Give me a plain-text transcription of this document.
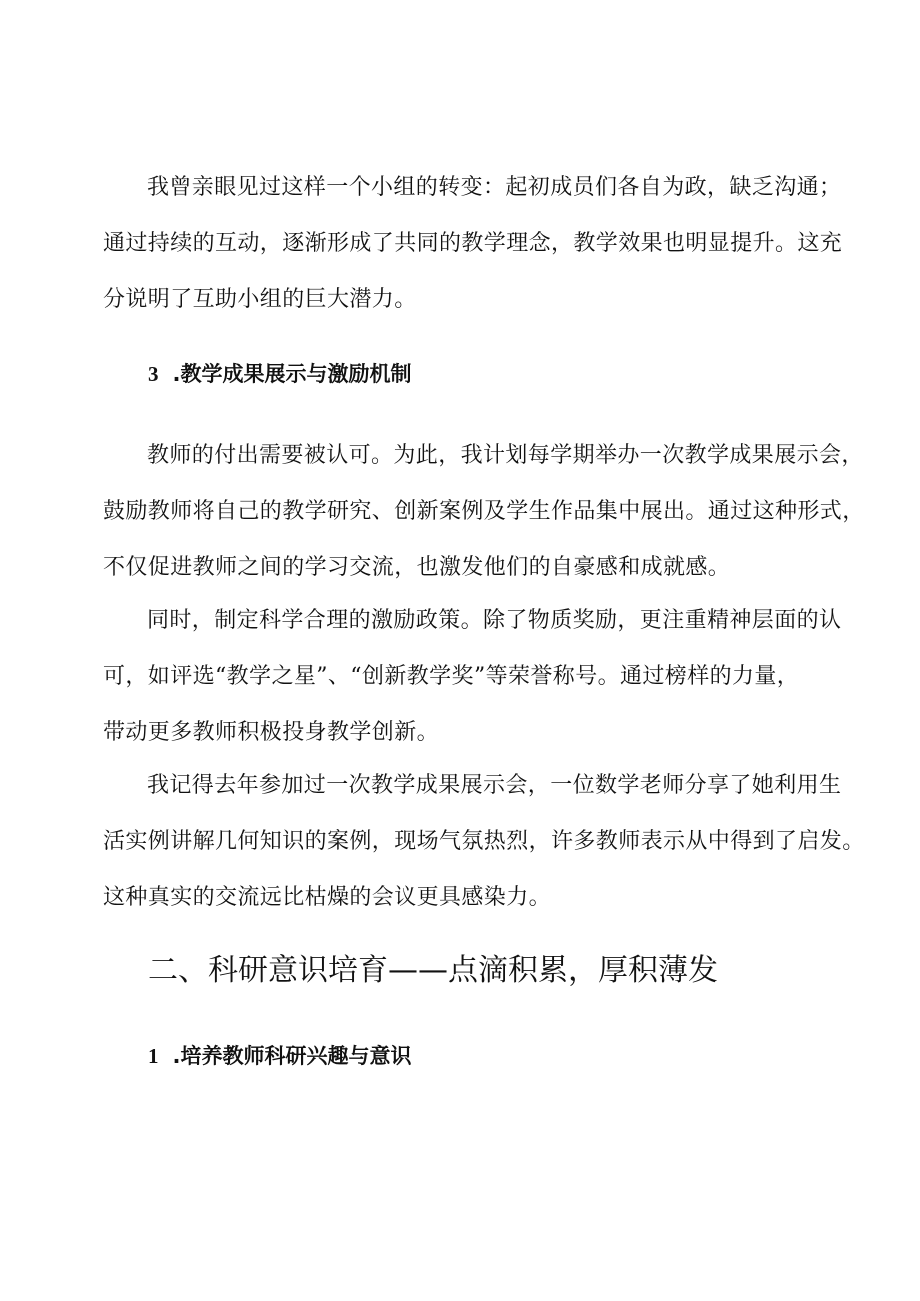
我曾亲眼见过这样一个小组的转变：起初成员们各自为政，缺乏沟通；
通过持续的互动，逐渐形成了共同的教学理念，教学效果也明显提升。这充
分说明了互助小组的巨大潜力。

3 .教学成果展示与激励机制

教师的付出需要被认可。为此，我计划每学期举办一次教学成果展示会，
鼓励教师将自己的教学研究、创新案例及学生作品集中展出。通过这种形式，
不仅促进教师之间的学习交流，也激发他们的自豪感和成就感。

同时，制定科学合理的激励政策。除了物质奖励，更注重精神层面的认
可，如评选“教学之星”、“创新教学奖”等荣誉称号。通过榜样的力量，
带动更多教师积极投身教学创新。

我记得去年参加过一次教学成果展示会，一位数学老师分享了她利用生
活实例讲解几何知识的案例，现场气氛热烈，许多教师表示从中得到了启发。
这种真实的交流远比枯燥的会议更具感染力。

二、科研意识培育——点滴积累，厚积薄发
1 .培养教师科研兴趣与意识
